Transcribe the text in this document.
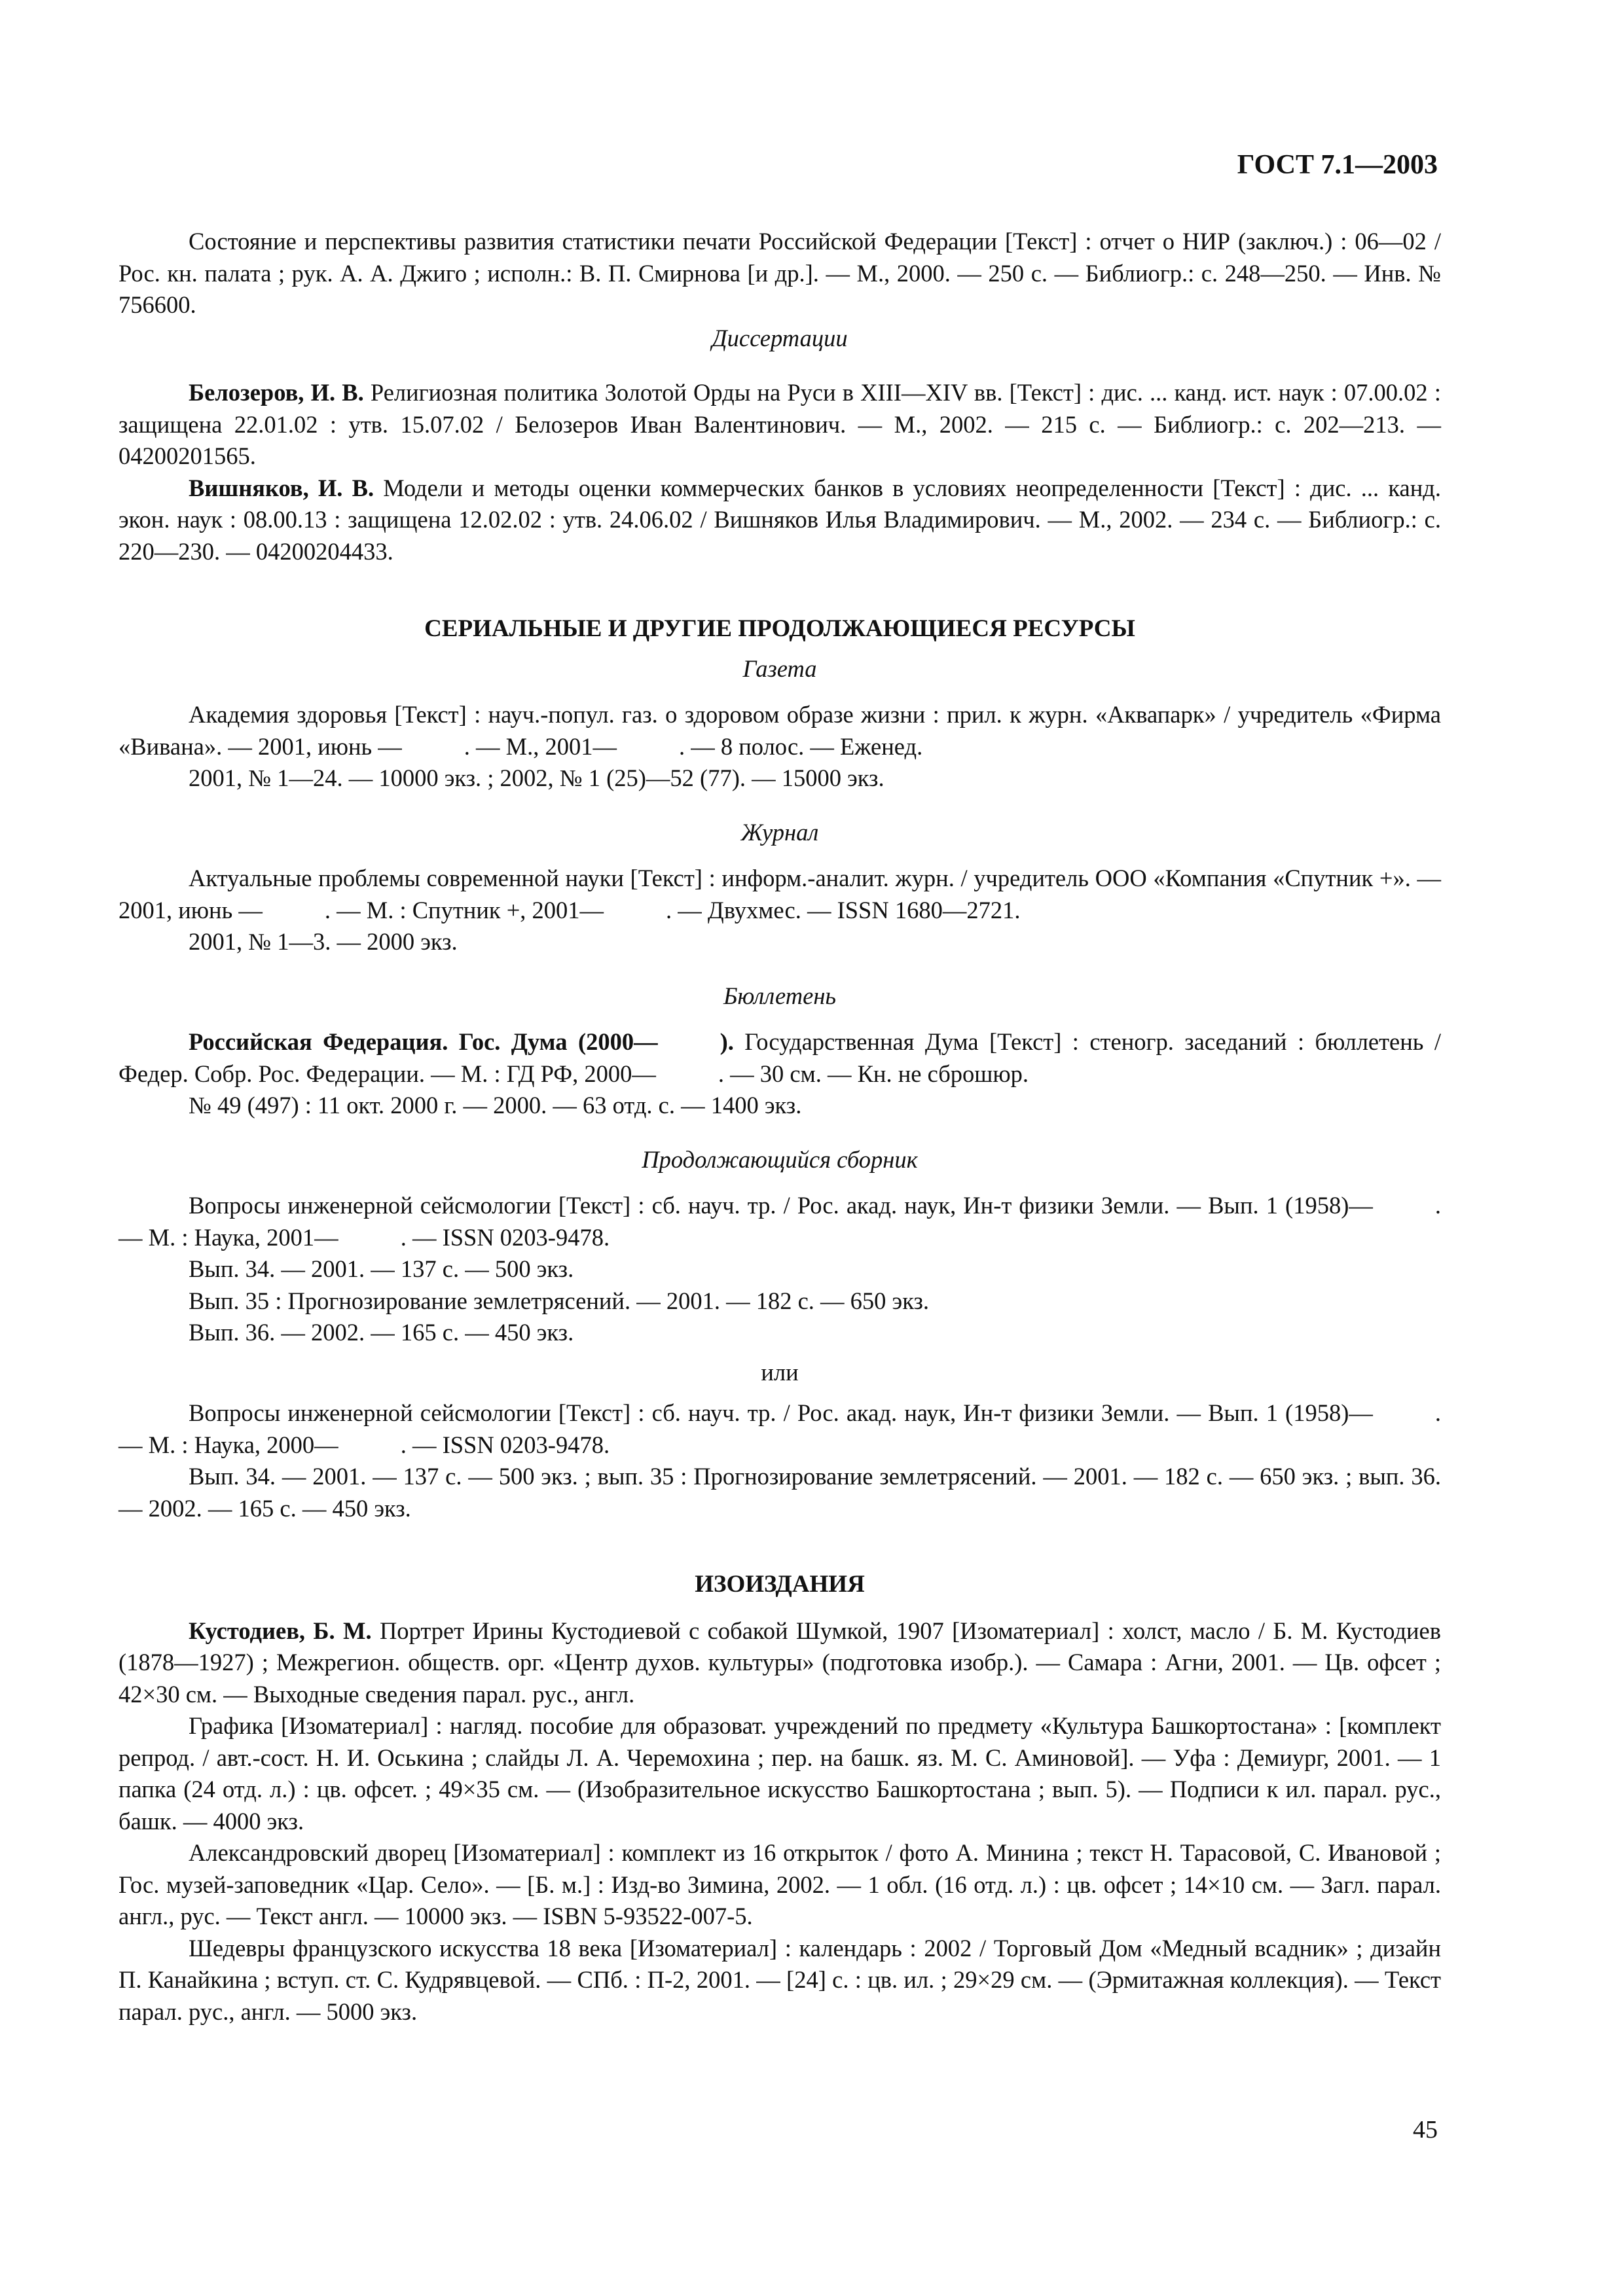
ГОСТ 7.1—2003

Состояние и перспективы развития статистики печати Российской Федерации [Текст] : отчет о НИР (заключ.) : 06—02 / Рос. кн. палата ; рук. А. А. Джиго ; исполн.: В. П. Смирнова [и др.]. — М., 2000. — 250 с. — Библиогр.: с. 248—250. — Инв. № 756600.

Диссертации

Белозеров, И. В. Религиозная политика Золотой Орды на Руси в XIII—XIV вв. [Текст] : дис. ... канд. ист. наук : 07.00.02 : защищена 22.01.02 : утв. 15.07.02 / Белозеров Иван Валентинович. — М., 2002. — 215 с. — Библиогр.: с. 202—213. — 04200201565.

Вишняков, И. В. Модели и методы оценки коммерческих банков в условиях неопределенности [Текст] : дис. ... канд. экон. наук : 08.00.13 : защищена 12.02.02 : утв. 24.06.02 / Вишняков Илья Владимирович. — М., 2002. — 234 с. — Библиогр.: с. 220—230. — 04200204433.

СЕРИАЛЬНЫЕ И ДРУГИЕ ПРОДОЛЖАЮЩИЕСЯ РЕСУРСЫ

Газета

Академия здоровья [Текст] : науч.-попул. газ. о здоровом образе жизни : прил. к журн. «Аквапарк» / учредитель «Фирма «Вивана». — 2001, июнь —	. — М., 2001—	. — 8 полос. — Еженед.

2001, № 1—24. — 10000 экз. ; 2002, № 1 (25)—52 (77). — 15000 экз.

Журнал

Актуальные проблемы современной науки [Текст] : информ.-аналит. журн. / учредитель ООО «Компания «Спутник +». — 2001, июнь —	. — М. : Спутник +, 2001—	. — Двухмес. — ISSN 1680—2721.

2001, № 1—3. — 2000 экз.

Бюллетень

Российская Федерация. Гос. Дума (2000—	). Государственная Дума [Текст] : стеногр. заседаний : бюллетень / Федер. Собр. Рос. Федерации. — М. : ГД РФ, 2000—	. — 30 см. — Кн. не сброшюр.

№ 49 (497) : 11 окт. 2000 г. — 2000. — 63 отд. с. — 1400 экз.

Продолжающийся сборник

Вопросы инженерной сейсмологии [Текст] : сб. науч. тр. / Рос. акад. наук, Ин-т физики Земли. — Вып. 1 (1958)—	. — М. : Наука, 2001—	. — ISSN 0203-9478.

Вып. 34. — 2001. — 137 с. — 500 экз.

Вып. 35 : Прогнозирование землетрясений. — 2001. — 182 с. — 650 экз.

Вып. 36. — 2002. — 165 с. — 450 экз.

или

Вопросы инженерной сейсмологии [Текст] : сб. науч. тр. / Рос. акад. наук, Ин-т физики Земли. — Вып. 1 (1958)—	. — М. : Наука, 2000—	. — ISSN 0203-9478.

Вып. 34. — 2001. — 137 с. — 500 экз. ; вып. 35 : Прогнозирование землетрясений. — 2001. — 182 с. — 650 экз. ; вып. 36. — 2002. — 165 с. — 450 экз.

ИЗОИЗДАНИЯ

Кустодиев, Б. М. Портрет Ирины Кустодиевой с собакой Шумкой, 1907 [Изоматериал] : холст, масло / Б. М. Кустодиев (1878—1927) ; Межрегион. обществ. орг. «Центр духов. культуры» (подготовка изобр.). — Самара : Агни, 2001. — Цв. офсет ; 42×30 см. — Выходные сведения парал. рус., англ.

Графика [Изоматериал] : нагляд. пособие для образоват. учреждений по предмету «Культура Башкортостана» : [комплект репрод. / авт.-сост. Н. И. Оськина ; слайды Л. А. Черемохина ; пер. на башк. яз. М. С. Аминовой]. — Уфа : Демиург, 2001. — 1 папка (24 отд. л.) : цв. офсет. ; 49×35 см. — (Изобразительное искусство Башкортостана ; вып. 5). — Подписи к ил. парал. рус., башк. — 4000 экз.

Александровский дворец [Изоматериал] : комплект из 16 открыток / фото А. Минина ; текст Н. Тарасовой, С. Ивановой ; Гос. музей-заповедник «Цар. Село». — [Б. м.] : Изд-во Зимина, 2002. — 1 обл. (16 отд. л.) : цв. офсет ; 14×10 см. — Загл. парал. англ., рус. — Текст англ. — 10000 экз. — ISBN 5-93522-007-5.

Шедевры французского искусства 18 века [Изоматериал] : календарь : 2002 / Торговый Дом «Медный всадник» ; дизайн П. Канайкина ; вступ. ст. С. Кудрявцевой. — СПб. : П-2, 2001. — [24] с. : цв. ил. ; 29×29 см. — (Эрмитажная коллекция). — Текст парал. рус., англ. — 5000 экз.

45
